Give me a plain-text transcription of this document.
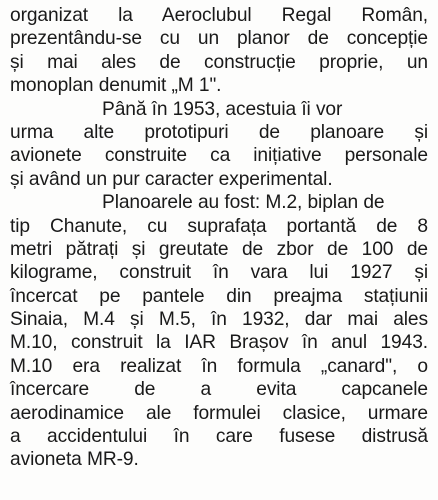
organizat la Aeroclubul Regal Român,
prezentându-se cu un planor de concepție
și mai ales de construcție proprie, un
monoplan denumit „M 1".
Până în 1953, acestuia îi vor
urma alte prototipuri de planoare și
avionete construite ca inițiative personale
și având un pur caracter experimental.
Planoarele au fost: M.2, biplan de
tip Chanute, cu suprafața portantă de 8
metri pătrați și greutate de zbor de 100 de
kilograme, construit în vara lui 1927 și
încercat pe pantele din preajma stațiunii
Sinaia, M.4 și M.5, în 1932, dar mai ales
M.10, construit la IAR Brașov în anul 1943.
M.10 era realizat în formula „canard", o
încercare de a evita capcanele
aerodinamice ale formulei clasice, urmare
a accidentului în care fusese distrusă
avioneta MR-9.
